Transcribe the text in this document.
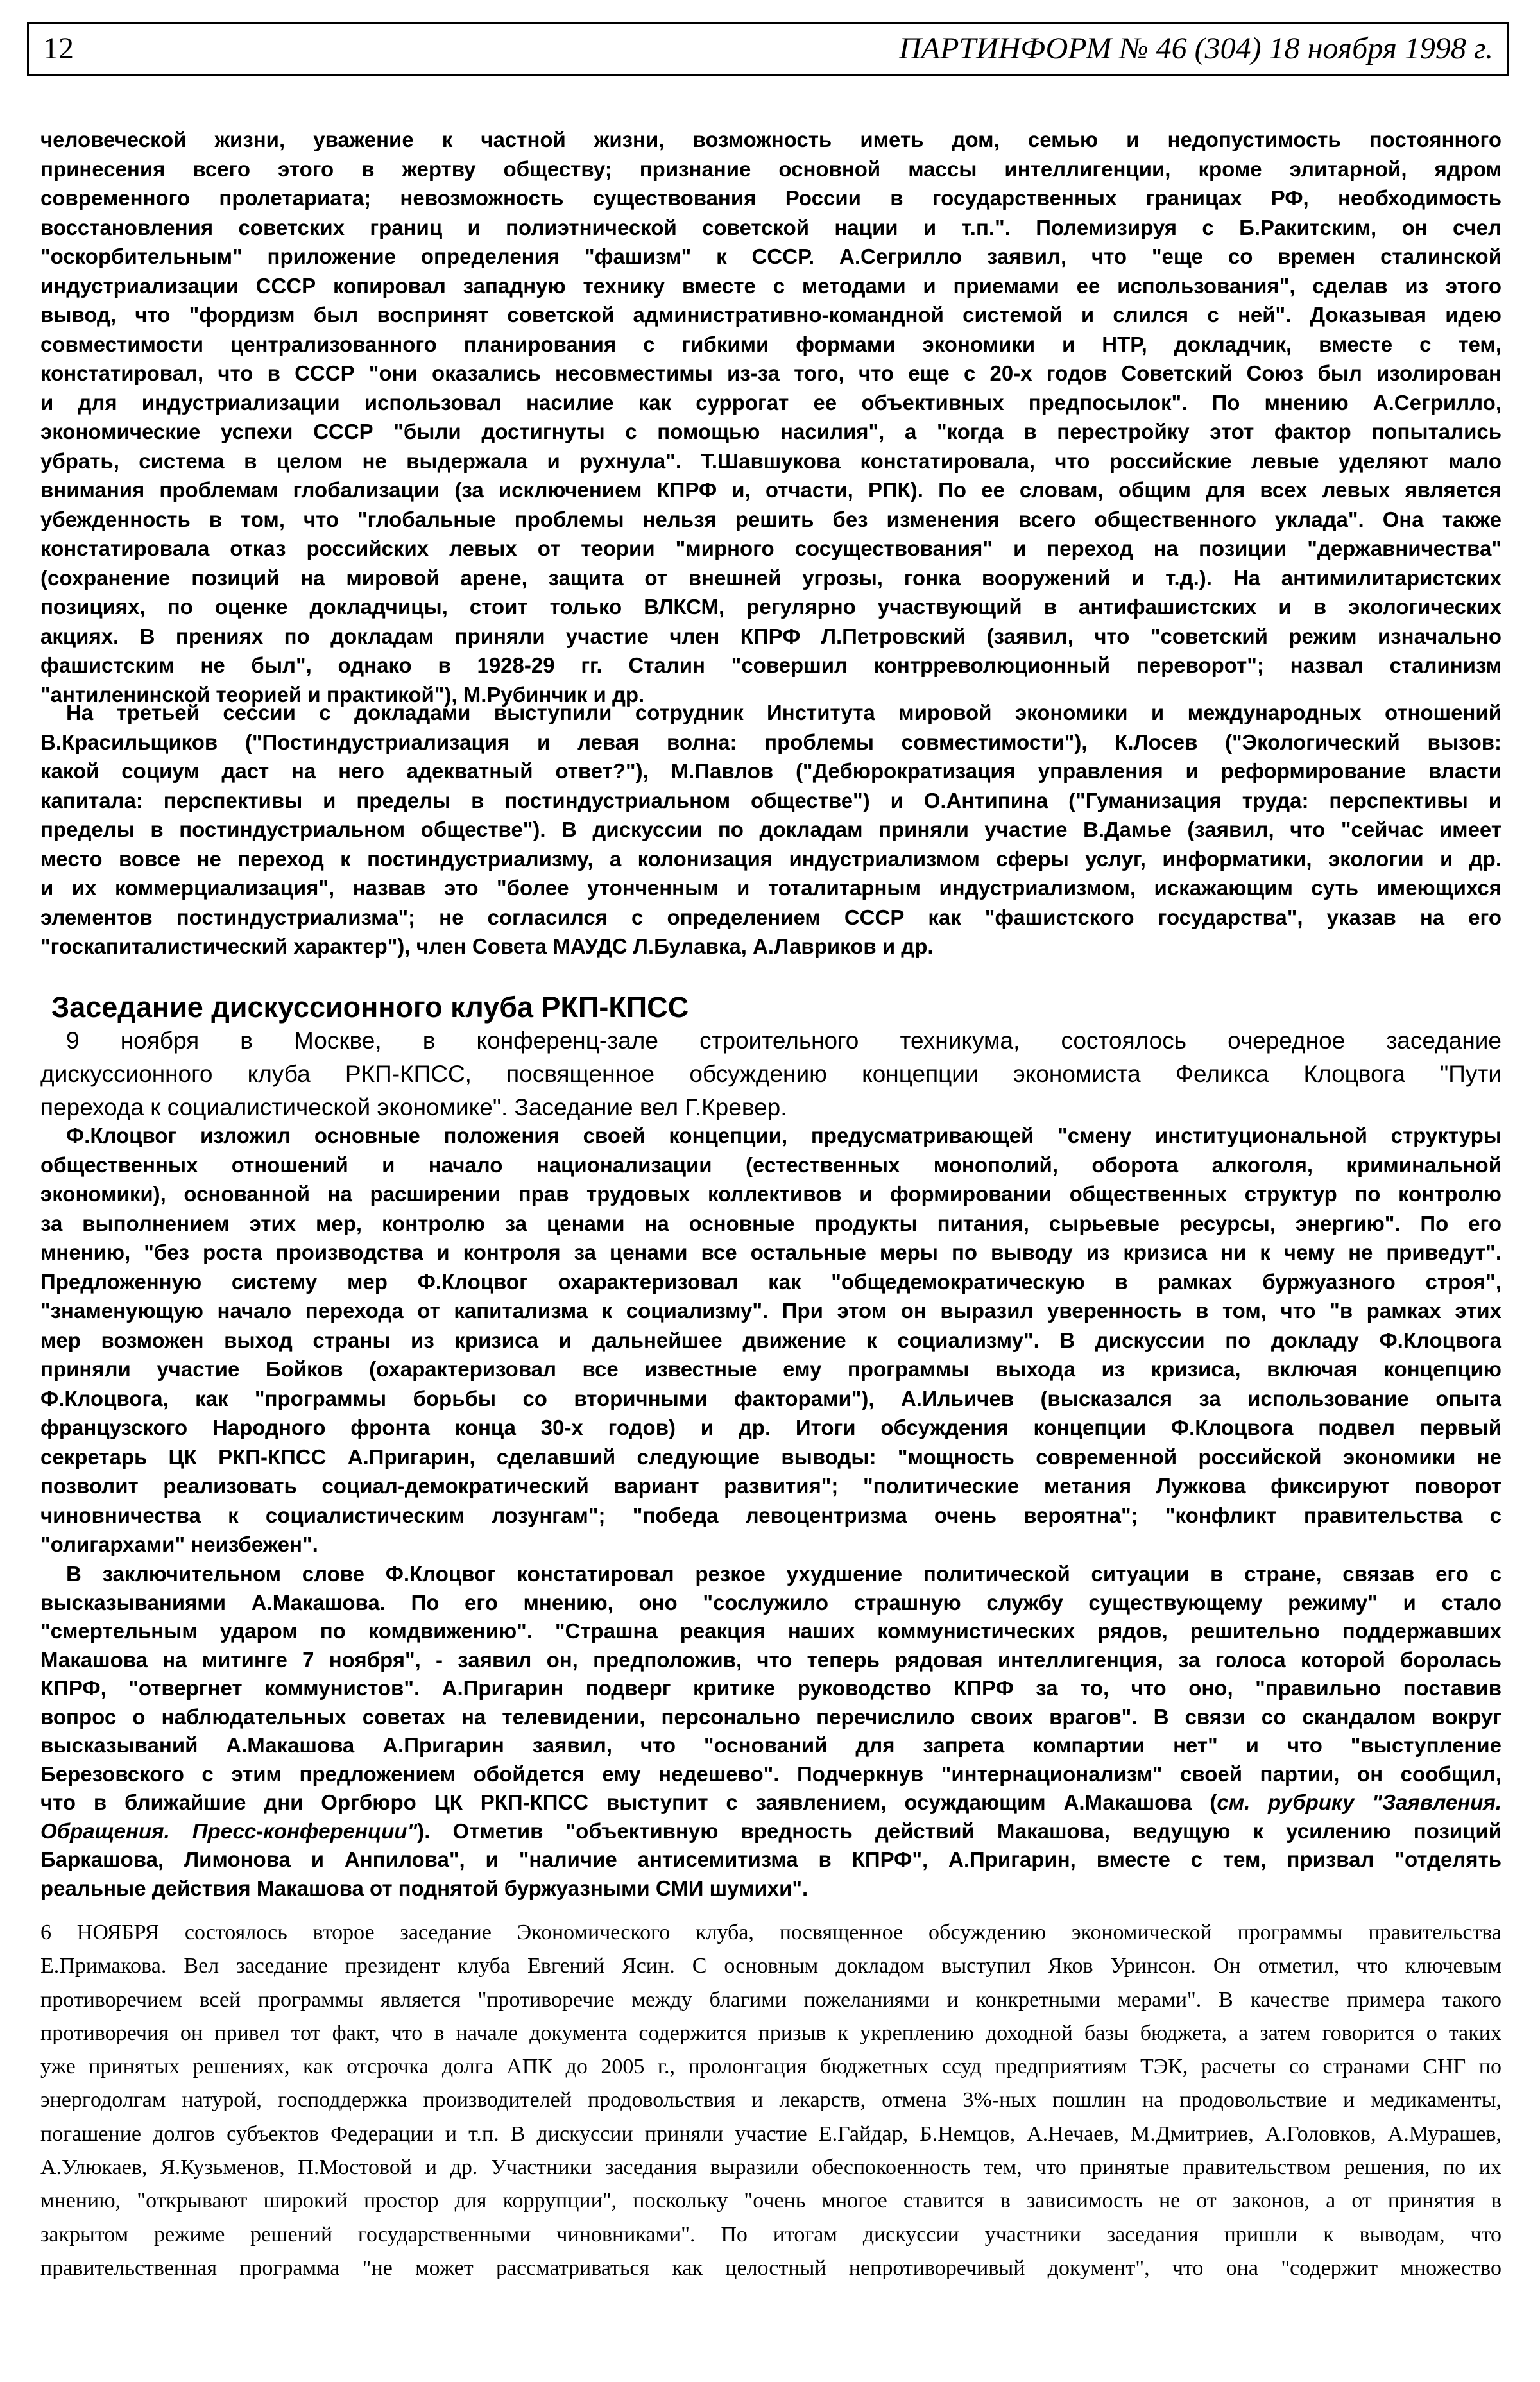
12	ПАРТИНФОРМ № 46 (304) 18 ноября 1998 г.
человеческой жизни, уважение к частной жизни, возможность иметь дом, семью и недопустимость постоянного
принесения всего этого в жертву обществу; признание основной массы интеллигенции, кроме элитарной, ядром
современного пролетариата; невозможность существования России в государственных границах РФ, необходимость
восстановления советских границ и полиэтнической советской нации и т.п.". Полемизируя с Б.Ракитским, он счел
"оскорбительным" приложение определения "фашизм" к СССР. А.Сегрилло заявил, что "еще со времен сталинской
индустриализации СССР копировал западную технику вместе с методами и приемами ее использования", сделав из этого
вывод, что "фордизм был воспринят советской административно-командной системой и слился с ней". Доказывая идею
совместимости централизованного планирования с гибкими формами экономики и НТР, докладчик, вместе с тем,
констатировал, что в СССР "они оказались несовместимы из-за того, что еще с 20-х годов Советский Союз был изолирован
и для индустриализации использовал насилие как суррогат ее объективных предпосылок". По мнению А.Сегрилло,
экономические успехи СССР "были достигнуты с помощью насилия", а "когда в перестройку этот фактор попытались
убрать, система в целом не выдержала и рухнула". Т.Шавшукова констатировала, что российские левые уделяют мало
внимания проблемам глобализации (за исключением КПРФ и, отчасти, РПК). По ее словам, общим для всех левых является
убежденность в том, что "глобальные проблемы нельзя решить без изменения всего общественного уклада". Она также
констатировала отказ российских левых от теории "мирного сосуществования" и переход на позиции "державничества"
(сохранение позиций на мировой арене, защита от внешней угрозы, гонка вооружений и т.д.). На антимилитаристских
позициях, по оценке докладчицы, стоит только ВЛКСМ, регулярно участвующий в антифашистских и в экологических
акциях. В прениях по докладам приняли участие член КПРФ Л.Петровский (заявил, что "советский режим изначально
фашистским не был", однако в 1928-29 гг. Сталин "совершил контрреволюционный переворот"; назвал сталинизм
"антиленинской теорией и практикой"), М.Рубинчик и др.
На третьей сессии с докладами выступили сотрудник Института мировой экономики и международных отношений
В.Красильщиков ("Постиндустриализация и левая волна: проблемы совместимости"), К.Лосев ("Экологический вызов:
какой социум даст на него адекватный ответ?"), М.Павлов ("Дебюрократизация управления и реформирование власти
капитала: перспективы и пределы в постиндустриальном обществе") и О.Антипина ("Гуманизация труда: перспективы и
пределы в постиндустриальном обществе"). В дискуссии по докладам приняли участие В.Дамье (заявил, что "сейчас имеет
место вовсе не переход к постиндустриализму, а колонизация индустриализмом сферы услуг, информатики, экологии и др.
и их коммерциализация", назвав это "более утонченным и тоталитарным индустриализмом, искажающим суть имеющихся
элементов постиндустриализма"; не согласился с определением СССР как "фашистского государства", указав на его
"госкапиталистический характер"), член Совета МАУДС Л.Булавка, А.Лавриков и др.
Заседание дискуссионного клуба РКП-КПСС
9 ноября в Москве, в конференц-зале строительного техникума, состоялось очередное заседание
дискуссионного клуба РКП-КПСС, посвященное обсуждению концепции экономиста Феликса Клоцвога "Пути
перехода к социалистической экономике". Заседание вел Г.Кревер.
Ф.Клоцвог изложил основные положения своей концепции, предусматривающей "смену институциональной структуры
общественных отношений и начало национализации (естественных монополий, оборота алкоголя, криминальной
экономики), основанной на расширении прав трудовых коллективов и формировании общественных структур по контролю
за выполнением этих мер, контролю за ценами на основные продукты питания, сырьевые ресурсы, энергию". По его
мнению, "без роста производства и контроля за ценами все остальные меры по выводу из кризиса ни к чему не приведут".
Предложенную систему мер Ф.Клоцвог охарактеризовал как "общедемократическую в рамках буржуазного строя",
"знаменующую начало перехода от капитализма к социализму". При этом он выразил уверенность в том, что "в рамках этих
мер возможен выход страны из кризиса и дальнейшее движение к социализму". В дискуссии по докладу Ф.Клоцвога
приняли участие Бойков (охарактеризовал все известные ему программы выхода из кризиса, включая концепцию
Ф.Клоцвога, как "программы борьбы со вторичными факторами"), А.Ильичев (высказался за использование опыта
французского Народного фронта конца 30-х годов) и др. Итоги обсуждения концепции Ф.Клоцвога подвел первый
секретарь ЦК РКП-КПСС А.Пригарин, сделавший следующие выводы: "мощность современной российской экономики не
позволит реализовать социал-демократический вариант развития"; "политические метания Лужкова фиксируют поворот
чиновничества к социалистическим лозунгам"; "победа левоцентризма очень вероятна"; "конфликт правительства с
"олигархами" неизбежен".
В заключительном слове Ф.Клоцвог констатировал резкое ухудшение политической ситуации в стране, связав его с
высказываниями А.Макашова. По его мнению, оно "сослужило страшную службу существующему режиму" и стало
"смертельным ударом по комдвижению". "Страшна реакция наших коммунистических рядов, решительно поддержавших
Макашова на митинге 7 ноября", - заявил он, предположив, что теперь рядовая интеллигенция, за голоса которой боролась
КПРФ, "отвергнет коммунистов". А.Пригарин подверг критике руководство КПРФ за то, что оно, "правильно поставив
вопрос о наблюдательных советах на телевидении, персонально перечислило своих врагов". В связи со скандалом вокруг
высказываний А.Макашова А.Пригарин заявил, что "оснований для запрета компартии нет" и что "выступление
Березовского с этим предложением обойдется ему недешево". Подчеркнув "интернационализм" своей партии, он сообщил,
что в ближайшие дни Оргбюро ЦК РКП-КПСС выступит с заявлением, осуждающим А.Макашова (см. рубрику "Заявления.
Обращения. Пресс-конференции"). Отметив "объективную вредность действий Макашова, ведущую к усилению позиций
Баркашова, Лимонова и Анпилова", и "наличие антисемитизма в КПРФ", А.Пригарин, вместе с тем, призвал "отделять
реальные действия Макашова от поднятой буржуазными СМИ шумихи".
6 НОЯБРЯ состоялось второе заседание Экономического клуба, посвященное обсуждению экономической программы правительства
Е.Примакова. Вел заседание президент клуба Евгений Ясин. С основным докладом выступил Яков Уринсон. Он отметил, что ключевым
противоречием всей программы является "противоречие между благими пожеланиями и конкретными мерами". В качестве примера такого
противоречия он привел тот факт, что в начале документа содержится призыв к укреплению доходной базы бюджета, а затем говорится о таких
уже принятых решениях, как отсрочка долга АПК до 2005 г., пролонгация бюджетных ссуд предприятиям ТЭК, расчеты со странами СНГ по
энергодолгам натурой, господдержка производителей продовольствия и лекарств, отмена 3%-ных пошлин на продовольствие и медикаменты,
погашение долгов субъектов Федерации и т.п. В дискуссии приняли участие Е.Гайдар, Б.Немцов, А.Нечаев, М.Дмитриев, А.Головков, А.Мурашев,
А.Улюкаев, Я.Кузьменов, П.Мостовой и др. Участники заседания выразили обеспокоенность тем, что принятые правительством решения, по их
мнению, "открывают широкий простор для коррупции", поскольку "очень многое ставится в зависимость не от законов, а от принятия в
закрытом режиме решений государственными чиновниками". По итогам дискуссии участники заседания пришли к выводам, что
правительственная программа "не может рассматриваться как целостный непротиворечивый документ", что она "содержит множество
